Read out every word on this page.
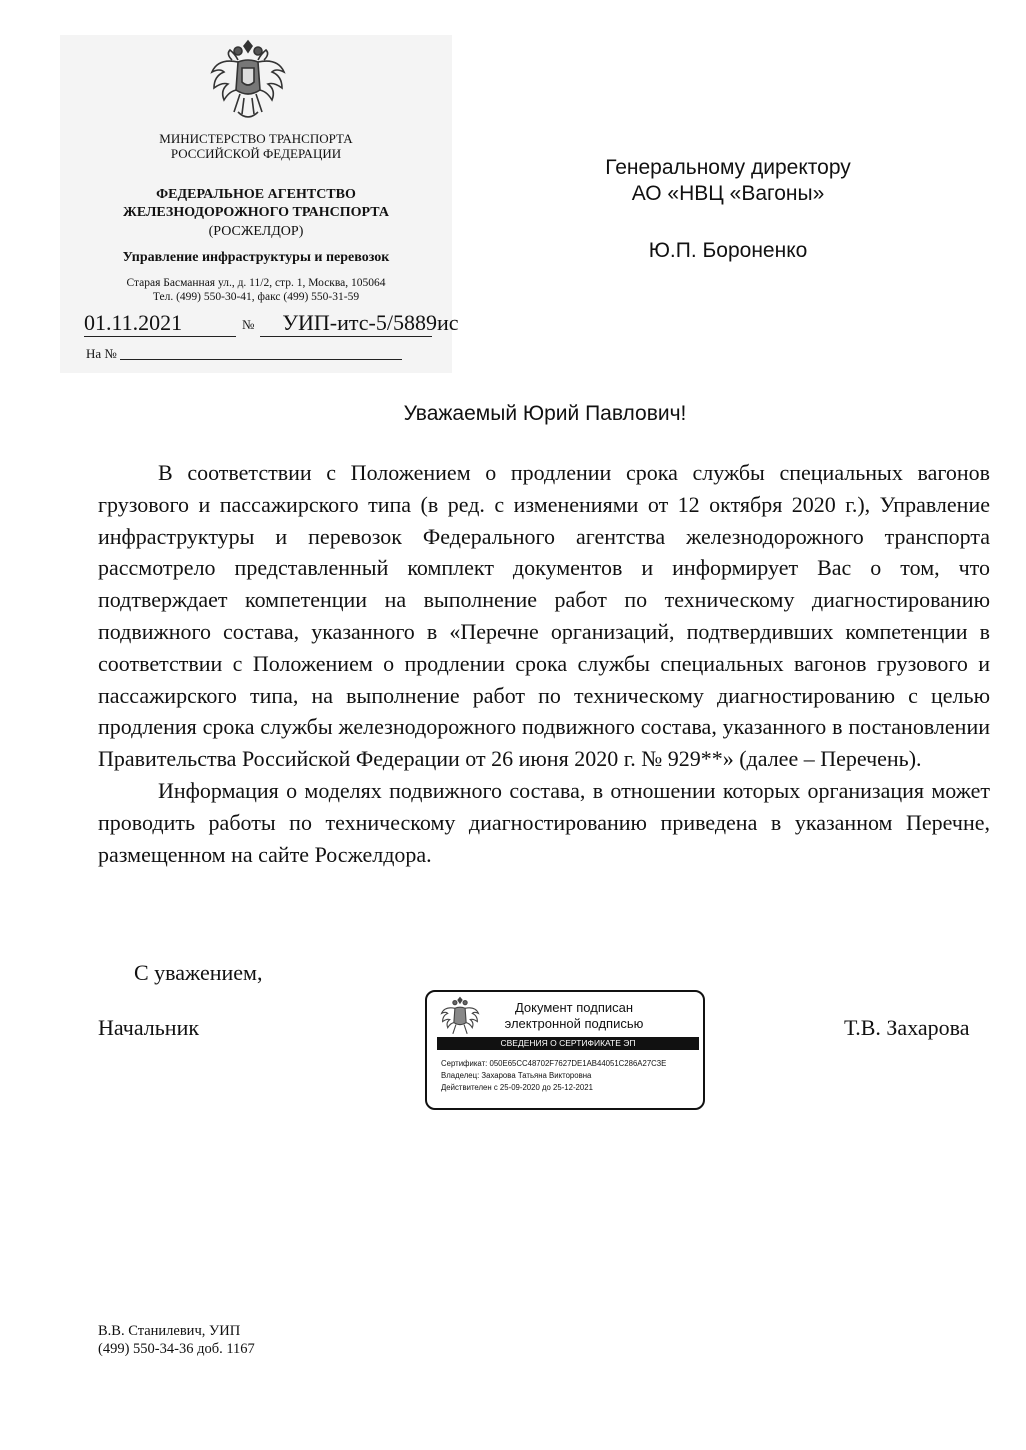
МИНИСТЕРСТВО ТРАНСПОРТА
РОССИЙСКОЙ ФЕДЕРАЦИИ
ФЕДЕРАЛЬНОЕ АГЕНТСТВО
ЖЕЛЕЗНОДОРОЖНОГО ТРАНСПОРТА
(РОСЖЕЛДОР)
Управление инфраструктуры и перевозок
Старая Басманная ул., д. 11/2, стр. 1, Москва, 105064
Тел. (499) 550-30-41, факс (499) 550-31-59
01.11.2021	№ УИП-итс-5/5889ис
На №
Генеральному директору
АО «НВЦ «Вагоны»
Ю.П. Бороненко
Уважаемый Юрий Павлович!

В соответствии с Положением о продлении срока службы специальных вагонов грузового и пассажирского типа (в ред. с изменениями от 12 октября 2020 г.), Управление инфраструктуры и перевозок Федерального агентства железнодорожного транспорта рассмотрело представленный комплект документов и информирует Вас о том, что подтверждает компетенции на выполнение работ по техническому диагностированию подвижного состава, указанного в «Перечне организаций, подтвердивших компетенции в соответствии с Положением о продлении срока службы специальных вагонов грузового и пассажирского типа, на выполнение работ по техническому диагностированию с целью продления срока службы железнодорожного подвижного состава, указанного в постановлении Правительства Российской Федерации от 26 июня 2020 г. № 929**» (далее – Перечень).

Информация о моделях подвижного состава, в отношении которых организация может проводить работы по техническому диагностированию приведена в указанном Перечне, размещенном на сайте Росжелдора.

С уважением,
Начальник	Т.В. Захарова
Документ подписан
электронной подписью
СВЕДЕНИЯ О СЕРТИФИКАТЕ ЭП
Сертификат: 050E65CC48702F7627DE1AB44051C286A27C3E
Владелец: Захарова Татьяна Викторовна
Действителен с 25-09-2020 до 25-12-2021
В.В. Станилевич, УИП
(499) 550-34-36 доб. 1167
